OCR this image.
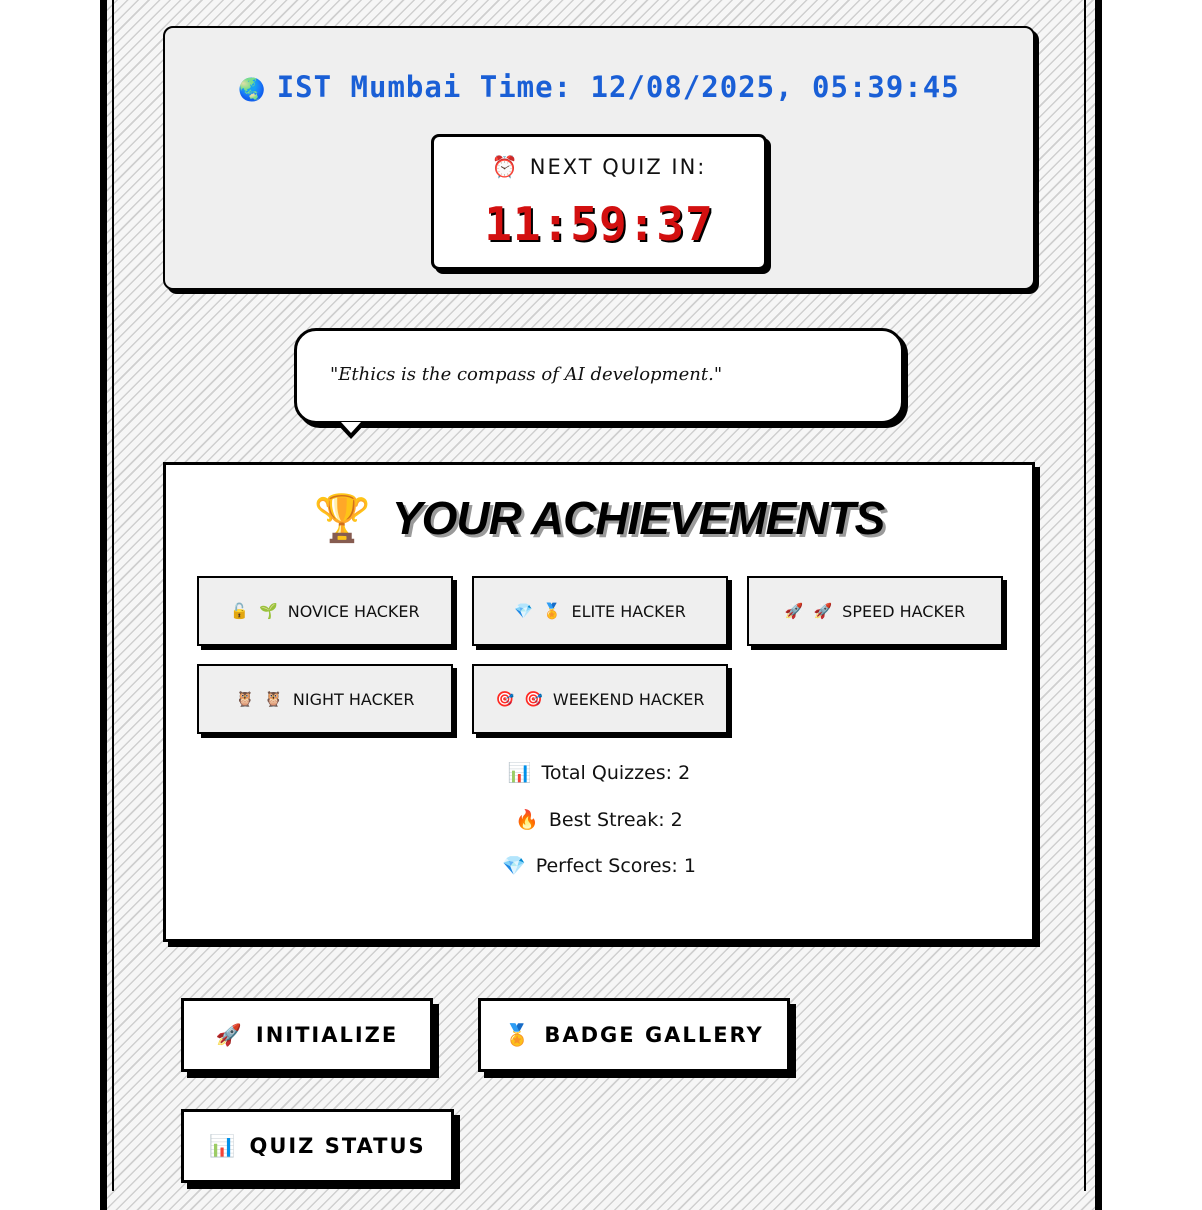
🌏 IST Mumbai Time: 12/08/2025, 05:39:45
⏰ NEXT QUIZ IN:
11:59:37
"Ethics is the compass of AI development."
🏆 YOUR ACHIEVEMENTS
🔓 🌱 NOVICE HACKER	💎 🏅 ELITE HACKER	🚀 🚀 SPEED HACKER
🦉 🦉 NIGHT HACKER	🎯 🎯 WEEKEND HACKER
📊 Total Quizzes: 2
🔥 Best Streak: 2
💎 Perfect Scores: 1
🚀 INITIALIZE	🏅 BADGE GALLERY
📊 QUIZ STATUS
